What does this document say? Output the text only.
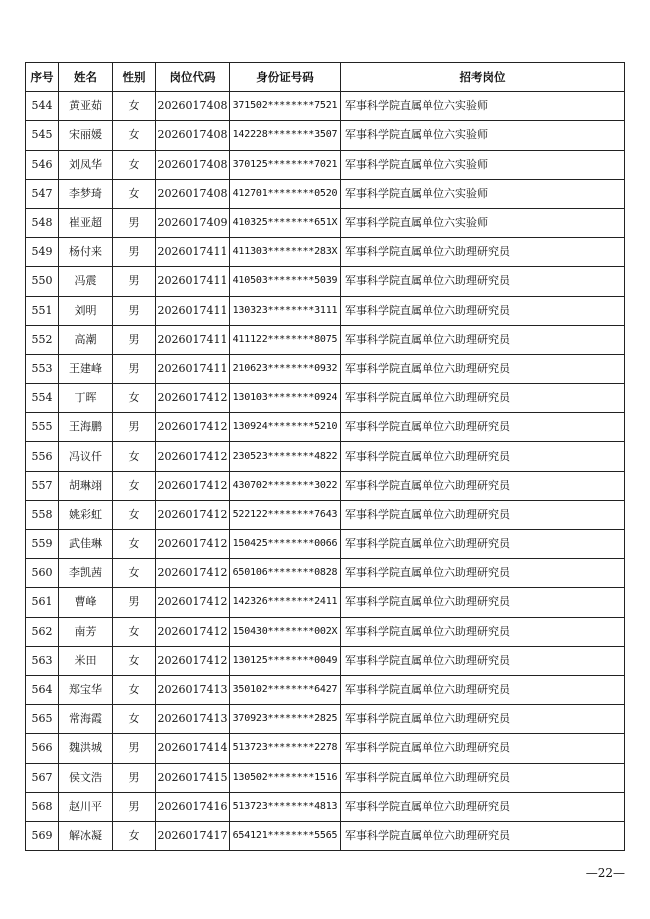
序号	姓名	性别	岗位代码	身份证号码	招考岗位
544	黄亚茹	女	2026017408	371502********7521	军事科学院直属单位六实验师
545	宋丽媛	女	2026017408	142228********3507	军事科学院直属单位六实验师
546	刘凤华	女	2026017408	370125********7021	军事科学院直属单位六实验师
547	李梦琦	女	2026017408	412701********0520	军事科学院直属单位六实验师
548	崔亚超	男	2026017409	410325********651X	军事科学院直属单位六实验师
549	杨付来	男	2026017411	411303********283X	军事科学院直属单位六助理研究员
550	冯震	男	2026017411	410503********5039	军事科学院直属单位六助理研究员
551	刘明	男	2026017411	130323********3111	军事科学院直属单位六助理研究员
552	高潮	男	2026017411	411122********8075	军事科学院直属单位六助理研究员
553	王建峰	男	2026017411	210623********0932	军事科学院直属单位六助理研究员
554	丁晖	女	2026017412	130103********0924	军事科学院直属单位六助理研究员
555	王海鹏	男	2026017412	130924********5210	军事科学院直属单位六助理研究员
556	冯议仟	女	2026017412	230523********4822	军事科学院直属单位六助理研究员
557	胡琳翊	女	2026017412	430702********3022	军事科学院直属单位六助理研究员
558	姚彩虹	女	2026017412	522122********7643	军事科学院直属单位六助理研究员
559	武佳琳	女	2026017412	150425********0066	军事科学院直属单位六助理研究员
560	李凯茜	女	2026017412	650106********0828	军事科学院直属单位六助理研究员
561	曹峰	男	2026017412	142326********2411	军事科学院直属单位六助理研究员
562	南芳	女	2026017412	150430********002X	军事科学院直属单位六助理研究员
563	米田	女	2026017412	130125********0049	军事科学院直属单位六助理研究员
564	郑宝华	女	2026017413	350102********6427	军事科学院直属单位六助理研究员
565	常海霞	女	2026017413	370923********2825	军事科学院直属单位六助理研究员
566	魏洪城	男	2026017414	513723********2278	军事科学院直属单位六助理研究员
567	侯文浩	男	2026017415	130502********1516	军事科学院直属单位六助理研究员
568	赵川平	男	2026017416	513723********4813	军事科学院直属单位六助理研究员
569	解冰凝	女	2026017417	654121********5565	军事科学院直属单位六助理研究员
—22—
